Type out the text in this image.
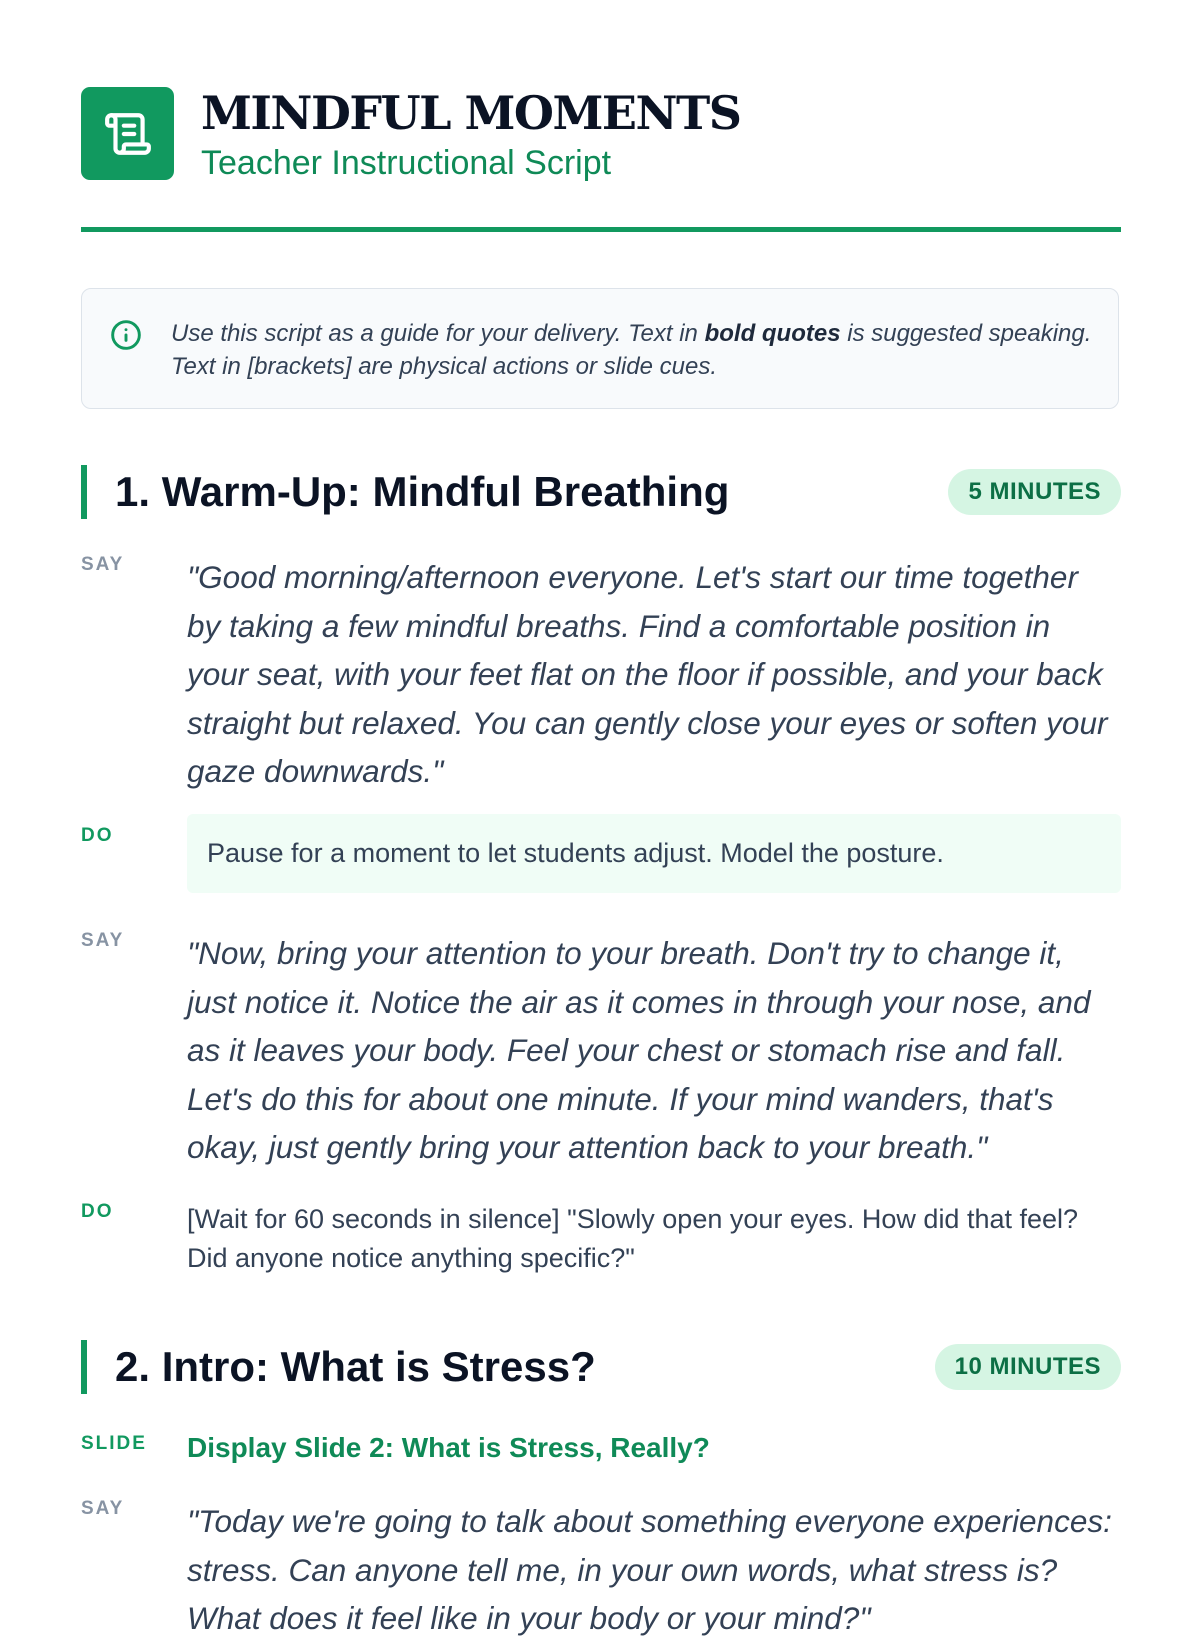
MINDFUL MOMENTS
Teacher Instructional Script
Use this script as a guide for your delivery. Text in bold quotes is suggested speaking. Text in [brackets] are physical actions or slide cues.
1. Warm-Up: Mindful Breathing	5 MINUTES
SAY "Good morning/afternoon everyone. Let's start our time together by taking a few mindful breaths. Find a comfortable position in your seat, with your feet flat on the floor if possible, and your back straight but relaxed. You can gently close your eyes or soften your gaze downwards."
DO
Pause for a moment to let students adjust. Model the posture.
SAY "Now, bring your attention to your breath. Don't try to change it, just notice it. Notice the air as it comes in through your nose, and as it leaves your body. Feel your chest or stomach rise and fall. Let's do this for about one minute. If your mind wanders, that's okay, just gently bring your attention back to your breath."
DO	[Wait for 60 seconds in silence] "Slowly open your eyes. How did that feel? Did anyone notice anything specific?"
2. Intro: What is Stress?	10 MINUTES
SLIDE Display Slide 2: What is Stress, Really?
SAY "Today we're going to talk about something everyone experiences: stress. Can anyone tell me, in your own words, what stress is? What does it feel like in your body or your mind?"
